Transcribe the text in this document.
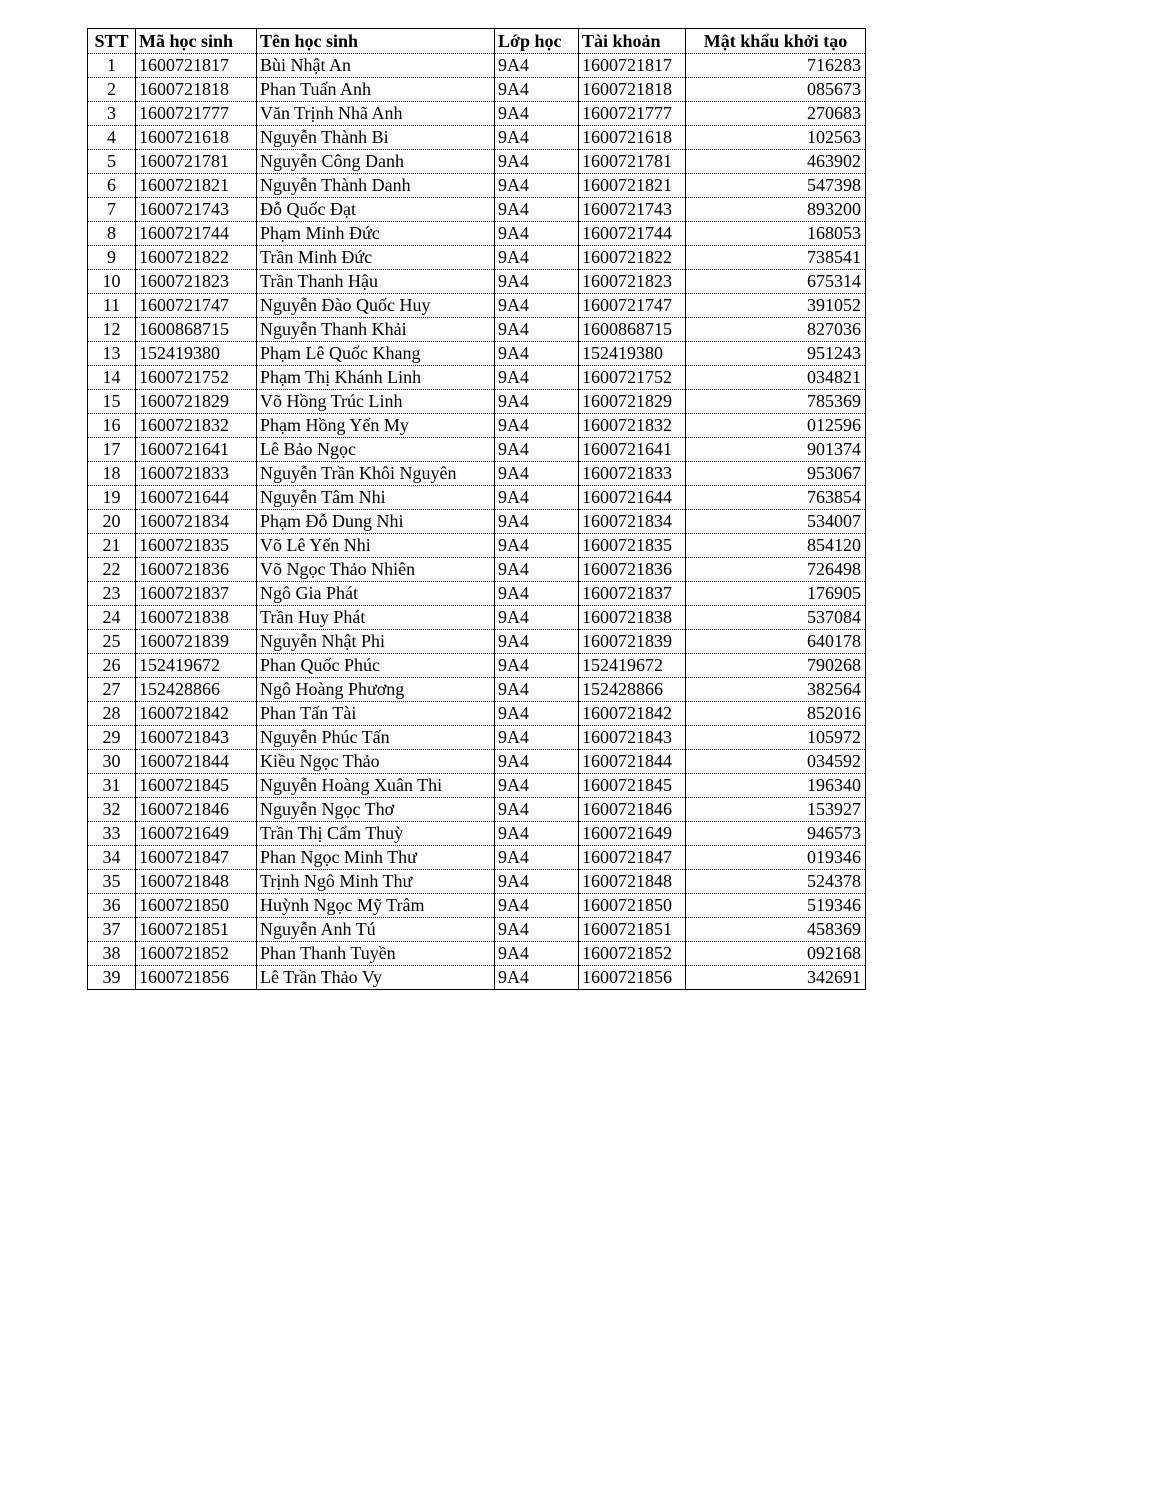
STT	Mã học sinh	Tên học sinh	Lớp học	Tài khoản	Mật khẩu khởi tạo
1	1600721817	Bùi Nhật An	9A4	1600721817	716283
2	1600721818	Phan Tuấn Anh	9A4	1600721818	085673
3	1600721777	Văn Trịnh Nhã Anh	9A4	1600721777	270683
4	1600721618	Nguyễn Thành Bi	9A4	1600721618	102563
5	1600721781	Nguyễn Công Danh	9A4	1600721781	463902
6	1600721821	Nguyễn Thành Danh	9A4	1600721821	547398
7	1600721743	Đỗ Quốc Đạt	9A4	1600721743	893200
8	1600721744	Phạm Minh Đức	9A4	1600721744	168053
9	1600721822	Trần Minh Đức	9A4	1600721822	738541
10	1600721823	Trần Thanh Hậu	9A4	1600721823	675314
11	1600721747	Nguyễn Đào Quốc Huy	9A4	1600721747	391052
12	1600868715	Nguyễn Thanh Khải	9A4	1600868715	827036
13	152419380	Phạm Lê Quốc Khang	9A4	152419380	951243
14	1600721752	Phạm Thị Khánh Linh	9A4	1600721752	034821
15	1600721829	Võ Hồng Trúc Linh	9A4	1600721829	785369
16	1600721832	Phạm Hồng Yến My	9A4	1600721832	012596
17	1600721641	Lê Bảo Ngọc	9A4	1600721641	901374
18	1600721833	Nguyễn Trần Khôi Nguyên	9A4	1600721833	953067
19	1600721644	Nguyễn Tâm Nhi	9A4	1600721644	763854
20	1600721834	Phạm Đỗ Dung Nhi	9A4	1600721834	534007
21	1600721835	Võ Lê Yến Nhi	9A4	1600721835	854120
22	1600721836	Võ Ngọc Thảo Nhiên	9A4	1600721836	726498
23	1600721837	Ngô Gia Phát	9A4	1600721837	176905
24	1600721838	Trần Huy Phát	9A4	1600721838	537084
25	1600721839	Nguyễn Nhật Phi	9A4	1600721839	640178
26	152419672	Phan Quốc Phúc	9A4	152419672	790268
27	152428866	Ngô Hoàng Phương	9A4	152428866	382564
28	1600721842	Phan Tấn Tài	9A4	1600721842	852016
29	1600721843	Nguyễn Phúc Tấn	9A4	1600721843	105972
30	1600721844	Kiều Ngọc Thảo	9A4	1600721844	034592
31	1600721845	Nguyễn Hoàng Xuân Thi	9A4	1600721845	196340
32	1600721846	Nguyễn Ngọc Thơ	9A4	1600721846	153927
33	1600721649	Trần Thị Cẩm Thuỳ	9A4	1600721649	946573
34	1600721847	Phan Ngọc Minh Thư	9A4	1600721847	019346
35	1600721848	Trịnh Ngô Minh Thư	9A4	1600721848	524378
36	1600721850	Huỳnh Ngọc Mỹ Trâm	9A4	1600721850	519346
37	1600721851	Nguyễn Anh Tú	9A4	1600721851	458369
38	1600721852	Phan Thanh Tuyền	9A4	1600721852	092168
39	1600721856	Lê Trần Thảo Vy	9A4	1600721856	342691
